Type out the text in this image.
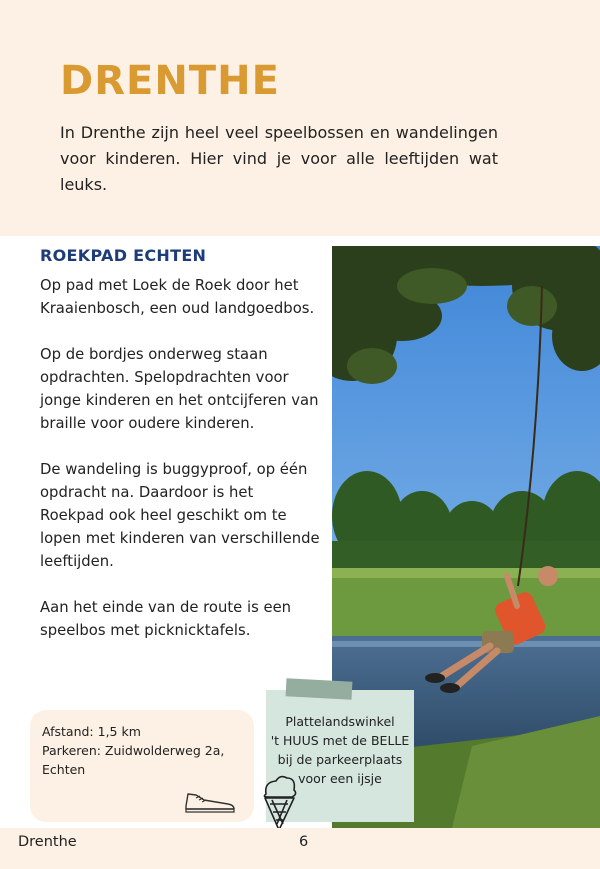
DRENTHE

In Drenthe zijn heel veel speelbossen en wandelingen voor kinderen. Hier vind je voor alle leeftijden wat leuks.

ROEKPAD ECHTEN

Op pad met Loek de Roek door het Kraaienbosch, een oud landgoedbos.

Op de bordjes onderweg staan opdrachten. Spelopdrachten voor jonge kinderen en het ontcijferen van braille voor oudere kinderen.

De wandeling is buggyproof, op één opdracht na. Daardoor is het Roekpad ook heel geschikt om te lopen met kinderen van verschillende leeftijden.

Aan het einde van de route is een speelbos met picknicktafels.

Afstand: 1,5 km
Parkeren: Zuidwolderweg 2a,
Echten
Plattelandswinkel
't HUUS met de BELLE
bij de parkeerplaats
voor een ijsje
Drenthe	6
